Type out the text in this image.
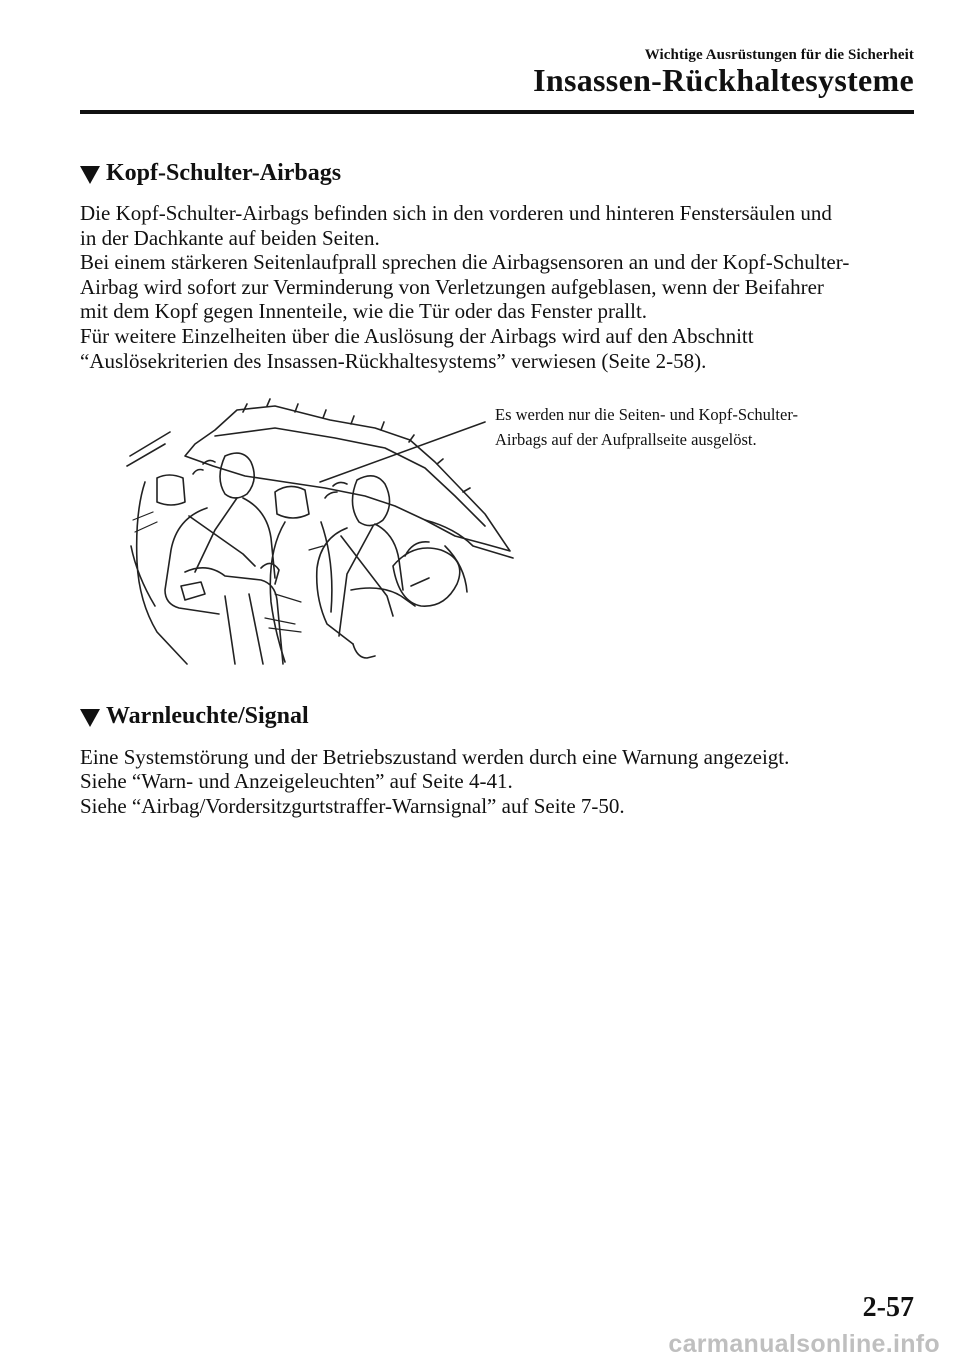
Wichtige Ausrüstungen für die Sicherheit
Insassen-Rückhaltesysteme
Kopf-Schulter-Airbags

Die Kopf-Schulter-Airbags befinden sich in den vorderen und hinteren Fenstersäulen und
in der Dachkante auf beiden Seiten.

Bei einem stärkeren Seitenlaufprall sprechen die Airbagsensoren an und der Kopf-Schulter-
Airbag wird sofort zur Verminderung von Verletzungen aufgeblasen, wenn der Beifahrer
mit dem Kopf gegen Innenteile, wie die Tür oder das Fenster prallt.

Für weitere Einzelheiten über die Auslösung der Airbags wird auf den Abschnitt
“Auslösekriterien des Insassen-Rückhaltesystems” verwiesen (Seite 2-58).

Es werden nur die Seiten- und Kopf-Schulter-
Airbags auf der Aufprallseite ausgelöst.
Warnleuchte/Signal

Eine Systemstörung und der Betriebszustand werden durch eine Warnung angezeigt.

Siehe “Warn- und Anzeigeleuchten” auf Seite 4-41.

Siehe “Airbag/Vordersitzgurtstraffer-Warnsignal” auf Seite 7-50.

2-57
carmanualsonline.info
